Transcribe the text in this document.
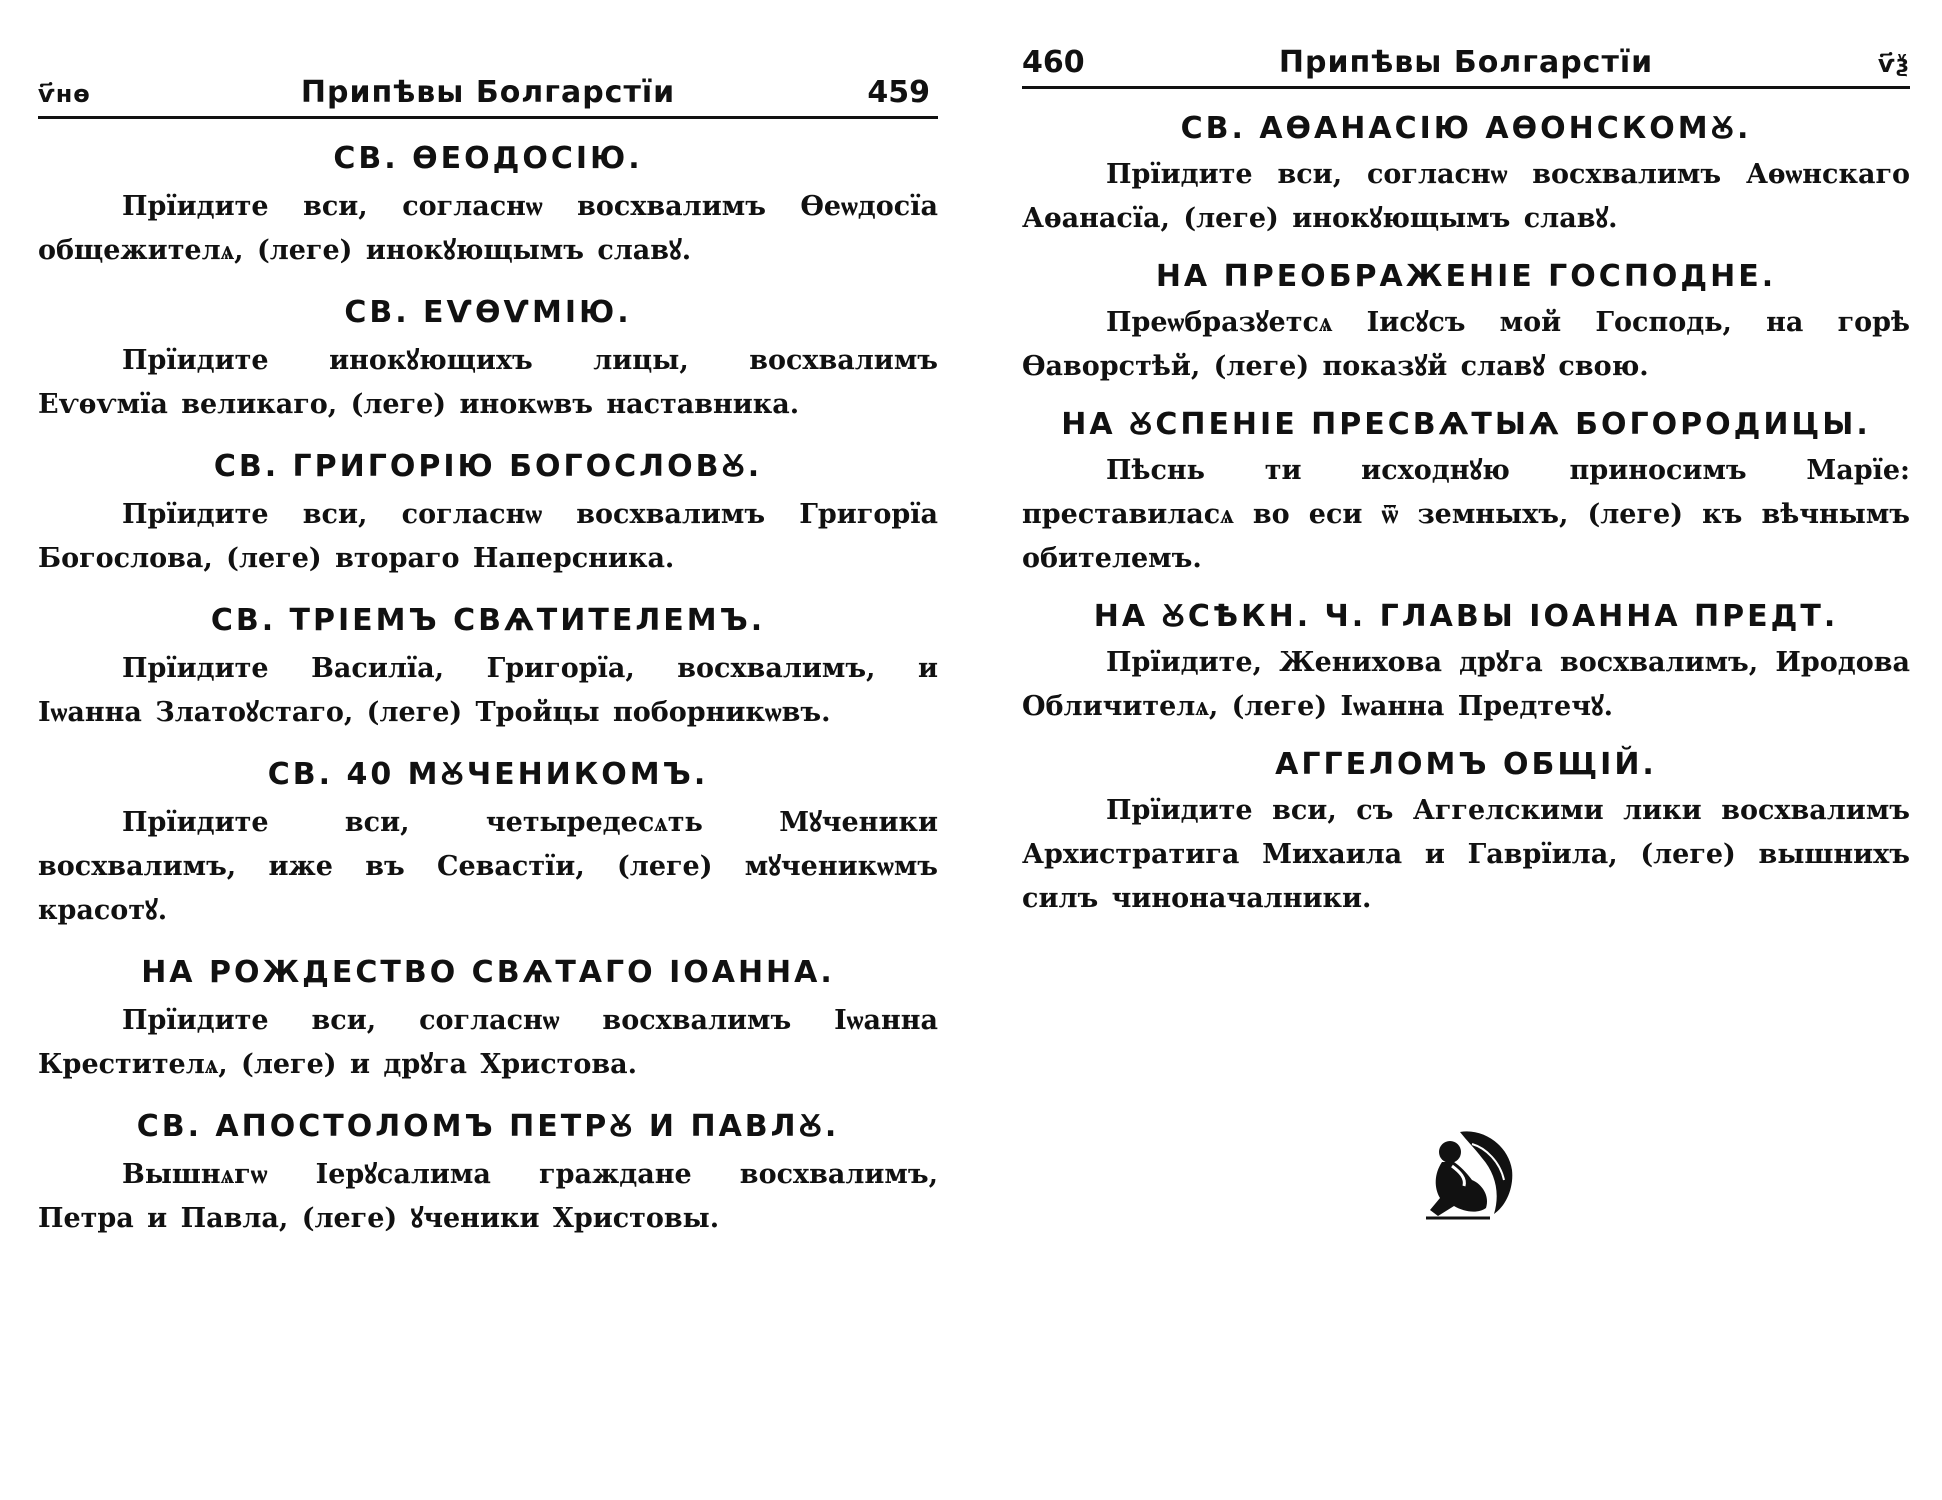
ѵ҃нѳ	Припѣвы Болгарстїи	459
СВ. ѲЕОДОСІЮ.

Прїидите вси, согласнѡ восхвалимъ Ѳеѡдосїа общежителѧ, (леге) инокꙋющымъ славꙋ.

СВ. ЕѴѲѴМІЮ.

Прїидите инокꙋющихъ лицы, восхвалимъ Еѵѳѵмїа великаго, (леге) инокѡвъ наставника.

СВ. ГРИГОРІЮ БОГОСЛОВꙊ.

Прїидите вси, согласнѡ восхвалимъ Григорїа Богослова, (леге) втораго Наперсника.

СВ. ТРІЕМЪ СВѦТИТЕЛЕМЪ.

Прїидите Василїа, Григорїа, восхвалимъ, и Іѡанна Златоꙋстаго, (леге) Тройцы поборникѡвъ.

СВ. 40 МꙊЧЕНИКОМЪ.

Прїидите вси, четыредесѧть Мꙋченики восхвалимъ, иже въ Севастїи, (леге) мꙋченикѡмъ красотꙋ.

НА РОЖДЕСТВО СВѦТАГО ІОАННА.

Прїидите вси, согласнѡ восхвалимъ Іѡанна Крестителѧ, (леге) и дрꙋга Христова.

СВ. АПОСТОЛОМЪ ПЕТРꙊ И ПАВЛꙊ.

Вышнѧгѡ Іерꙋсалима граждане восхвалимъ, Петра и Павла, (леге) ꙋченики Христовы.

460	Припѣвы Болгарстїи	ѵ҃ѯ
СВ. АѲАНАСІЮ АѲОНСКОМꙊ.

Прїидите вси, согласнѡ восхвалимъ Аѳѡнскаго Аѳанасїа, (леге) инокꙋющымъ славꙋ.

НА ПРЕОБРАЖЕНІЕ ГОСПОДНЕ.

Преѡбразꙋетсѧ Іисꙋсъ мой Господь, на горѣ Ѳаворстѣй, (леге) показꙋй славꙋ свою.

НА ꙊСПЕНІЕ ПРЕСВѦТЫѦ БОГОРОДИЦЫ.

Пѣснь ти исходнꙋю приносимъ Марїе: преставиласѧ во еси ѿ земныхъ, (леге) къ вѣчнымъ обителемъ.

НА ꙊСѢКН. Ч. ГЛАВЫ ІОАННА ПРЕДТ.

Прїидите, Женихова дрꙋга восхвалимъ, Иродова Обличителѧ, (леге) Іѡанна Предтечꙋ.

АГГЕЛОМЪ ОБЩІЙ.

Прїидите вси, съ Аггелскими лики восхвалимъ Архистратига Михаила и Гаврїила, (леге) вышнихъ силъ чиноначалники.
